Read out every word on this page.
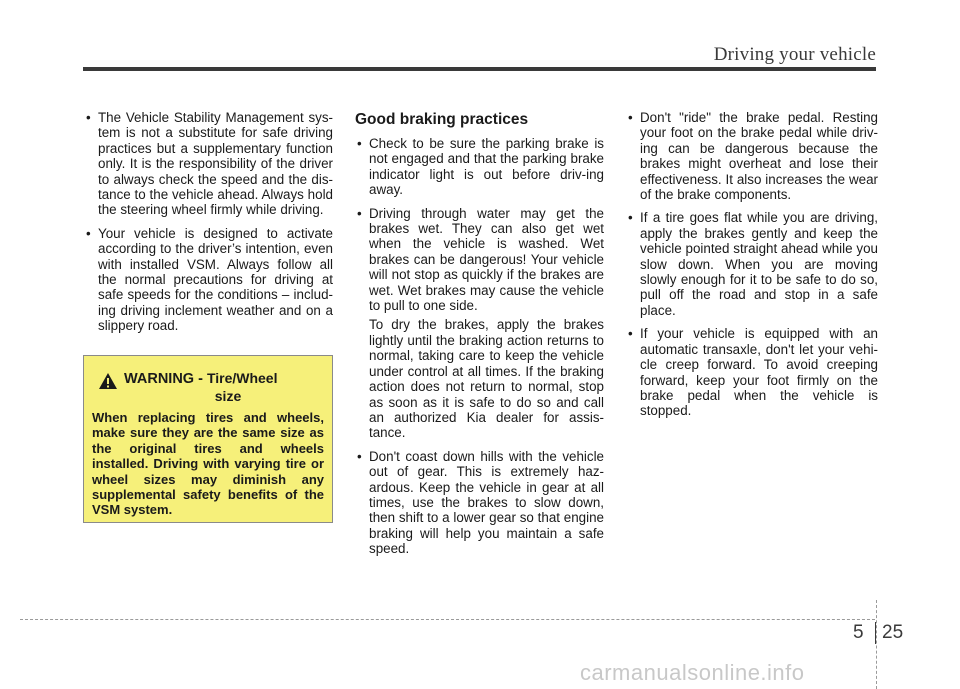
Driving your vehicle
• The Vehicle Stability Management sys-tem is not a substitute for safe driving practices but a supplementary function only. It is the responsibility of the driver to always check the speed and the dis-tance to the vehicle ahead. Always hold the steering wheel firmly while driving.
• Your vehicle is designed to activate according to the driver’s intention, even with installed VSM. Always follow all the normal precautions for driving at safe speeds for the conditions – includ-ing driving inclement weather and on a slippery road.
WARNING - Tire/Wheel
size
When replacing tires and wheels, make sure they are the same size as the original tires and wheels installed. Driving with varying tire or wheel sizes may diminish any supplemental safety benefits of the VSM system.
Good braking practices
• Check to be sure the parking brake is not engaged and that the parking brake indicator light is out before driv-ing away.
• Driving through water may get the brakes wet. They can also get wet when the vehicle is washed. Wet brakes can be dangerous! Your vehicle will not stop as quickly if the brakes are wet. Wet brakes may cause the vehicle to pull to one side.
To dry the brakes, apply the brakes lightly until the braking action returns to normal, taking care to keep the vehicle under control at all times. If the braking action does not return to normal, stop as soon as it is safe to do so and call an authorized Kia dealer for assis-tance.
• Don't coast down hills with the vehicle out of gear. This is extremely haz-ardous. Keep the vehicle in gear at all times, use the brakes to slow down, then shift to a lower gear so that engine braking will help you maintain a safe speed.
• Don't "ride" the brake pedal. Resting your foot on the brake pedal while driv-ing can be dangerous because the brakes might overheat and lose their effectiveness. It also increases the wear of the brake components.
• If a tire goes flat while you are driving, apply the brakes gently and keep the vehicle pointed straight ahead while you slow down. When you are moving slowly enough for it to be safe to do so, pull off the road and stop in a safe place.
• If your vehicle is equipped with an automatic transaxle, don't let your vehi-cle creep forward. To avoid creeping forward, keep your foot firmly on the brake pedal when the vehicle is stopped.
5 25
carmanualsonline.info
